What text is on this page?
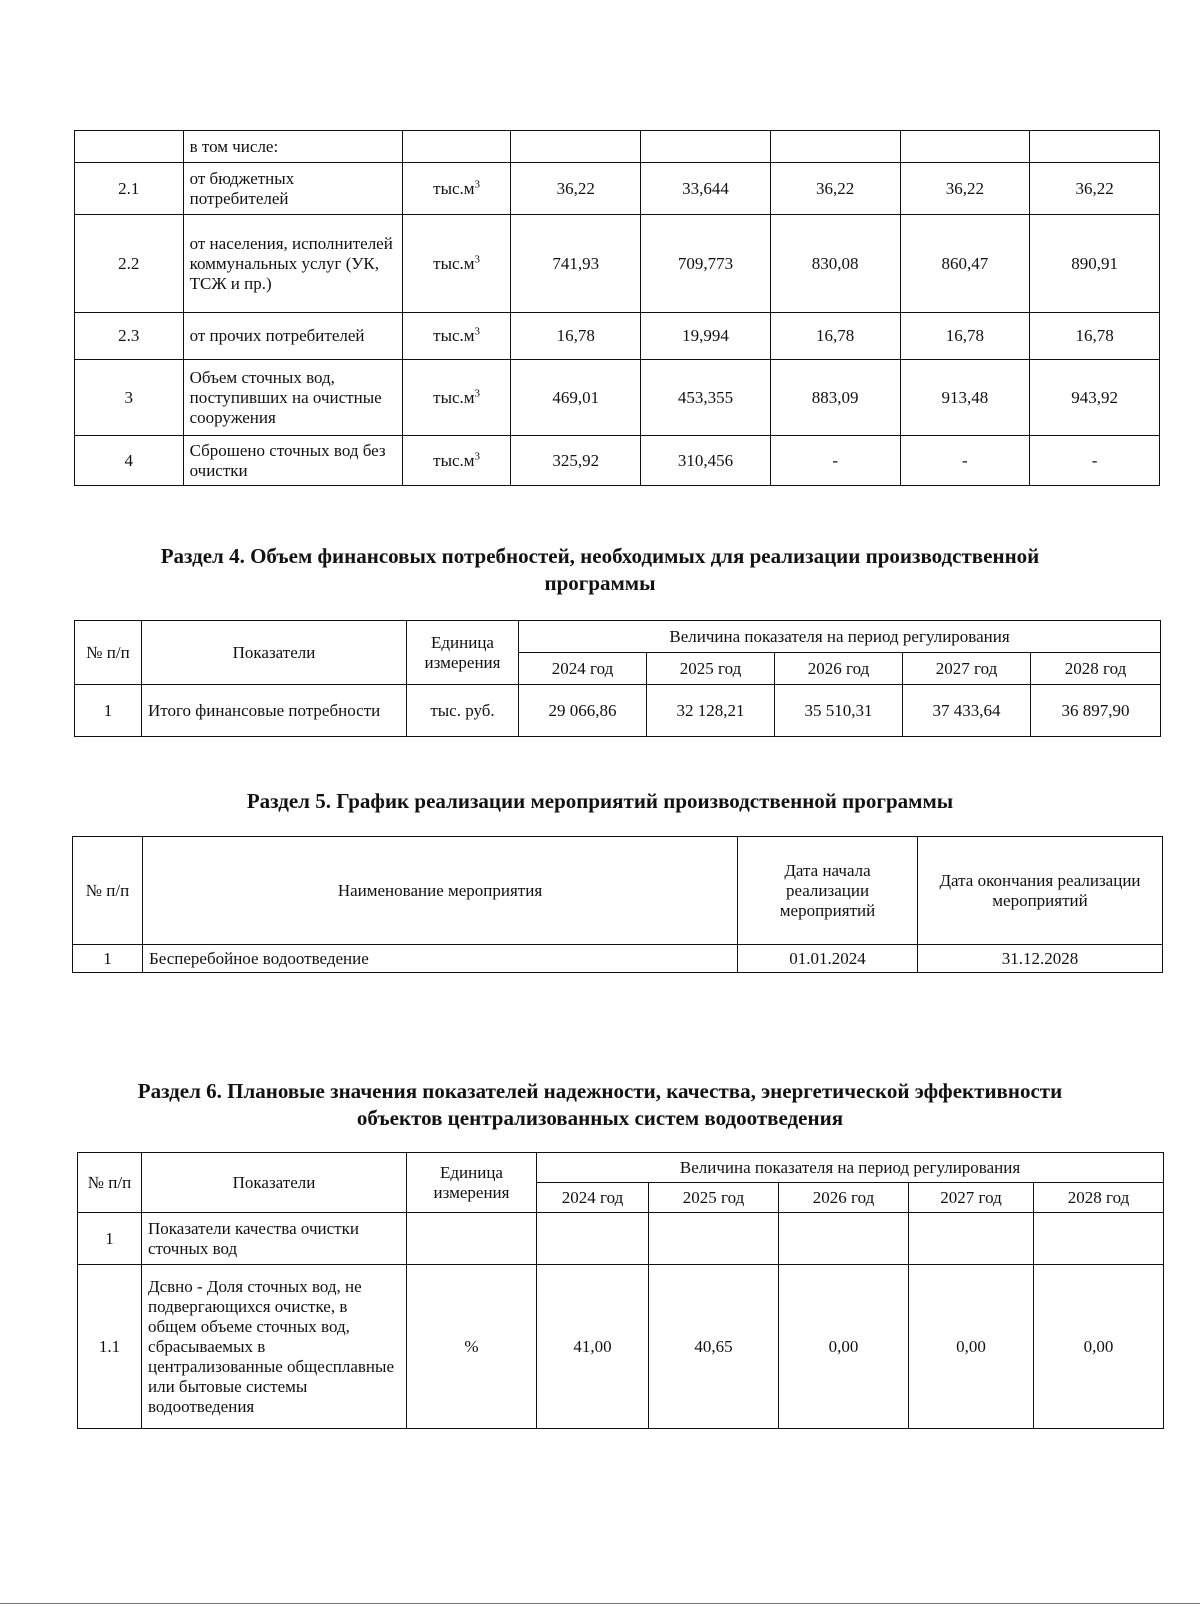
	в том числе:						
2.1	от бюджетных потребителей	$тыс.м^3$	36,22	33,644	36,22	36,22	36,22
2.2	от населения, исполнителей коммунальных услуг (УК, ТСЖ и пр.)	$тыс.м^3$	741,93	709,773	830,08	860,47	890,91
2.3	от прочих потребителей	$тыс.м^3$	16,78	19,994	16,78	16,78	16,78
3	Объем сточных вод, поступивших на очистные сооружения	$тыс.м^3$	469,01	453,355	883,09	913,48	943,92
4	Сброшено сточных вод без очистки	$тыс.м^3$	325,92	310,456	-	-	-
Раздел 4. Объем финансовых потребностей, необходимых для реализации производственной
программы
№ п/п	Показатели	Единица измерения	Величина показателя на период регулирования				
			2024 год	2025 год	2026 год	2027 год	2028 год
1	Итого финансовые потребности	тыс. руб.	29 066,86	32 128,21	35 510,31	37 433,64	36 897,90
Раздел 5. График реализации мероприятий производственной программы
№ п/п	Наименование мероприятия	Дата начала реализации мероприятий	Дата окончания реализации мероприятий
1	Бесперебойное водоотведение	01.01.2024	31.12.2028
Раздел 6. Плановые значения показателей надежности, качества, энергетической эффективности
объектов централизованных систем водоотведения
№ п/п	Показатели	Единица измерения	Величина показателя на период регулирования				
			2024 год	2025 год	2026 год	2027 год	2028 год
1	Показатели качества очистки сточных вод						
1.1	Дсвно - Доля сточных вод, не подвергающихся очистке, в общем объеме сточных вод, сбрасываемых в централизованные общесплавные или бытовые системы водоотведения	%	41,00	40,65	0,00	0,00	0,00
